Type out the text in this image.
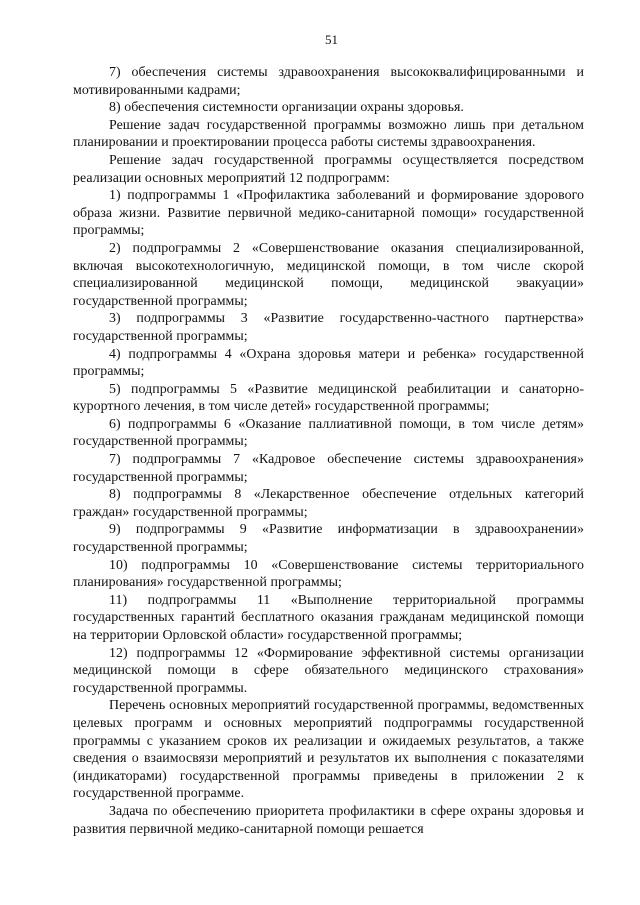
51

7) обеспечения системы здравоохранения высококвалифицированными и мотивированными кадрами;

8) обеспечения системности организации охраны здоровья.

Решение задач государственной программы возможно лишь при детальном планировании и проектировании процесса работы системы здравоохранения.

Решение задач государственной программы осуществляется посредством реализации основных мероприятий 12 подпрограмм:

1) подпрограммы 1 «Профилактика заболеваний и формирование здорового образа жизни. Развитие первичной медико-санитарной помощи» государственной программы;

2) подпрограммы 2 «Совершенствование оказания специализированной, включая высокотехнологичную, медицинской помощи, в том числе скорой специализированной медицинской помощи, медицинской эвакуации» государственной программы;

3) подпрограммы 3 «Развитие государственно-частного партнерства» государственной программы;

4) подпрограммы 4 «Охрана здоровья матери и ребенка» государственной программы;

5) подпрограммы 5 «Развитие медицинской реабилитации и санаторно-курортного лечения, в том числе детей» государственной программы;

6) подпрограммы 6 «Оказание паллиативной помощи, в том числе детям» государственной программы;

7) подпрограммы 7 «Кадровое обеспечение системы здравоохранения» государственной программы;

8) подпрограммы 8 «Лекарственное обеспечение отдельных категорий граждан» государственной программы;

9) подпрограммы 9 «Развитие информатизации в здравоохранении» государственной программы;

10) подпрограммы 10 «Совершенствование системы территориального планирования» государственной программы;

11) подпрограммы 11 «Выполнение территориальной программы государственных гарантий бесплатного оказания гражданам медицинской помощи на территории Орловской области» государственной программы;

12) подпрограммы 12 «Формирование эффективной системы организации медицинской помощи в сфере обязательного медицинского страхования» государственной программы.

Перечень основных мероприятий государственной программы, ведомственных целевых программ и основных мероприятий подпрограммы государственной программы с указанием сроков их реализации и ожидаемых результатов, а также сведения о взаимосвязи мероприятий и результатов их выполнения с показателями (индикаторами) государственной программы приведены в приложении 2 к государственной программе.

Задача по обеспечению приоритета профилактики в сфере охраны здоровья и развития первичной медико-санитарной помощи решается
